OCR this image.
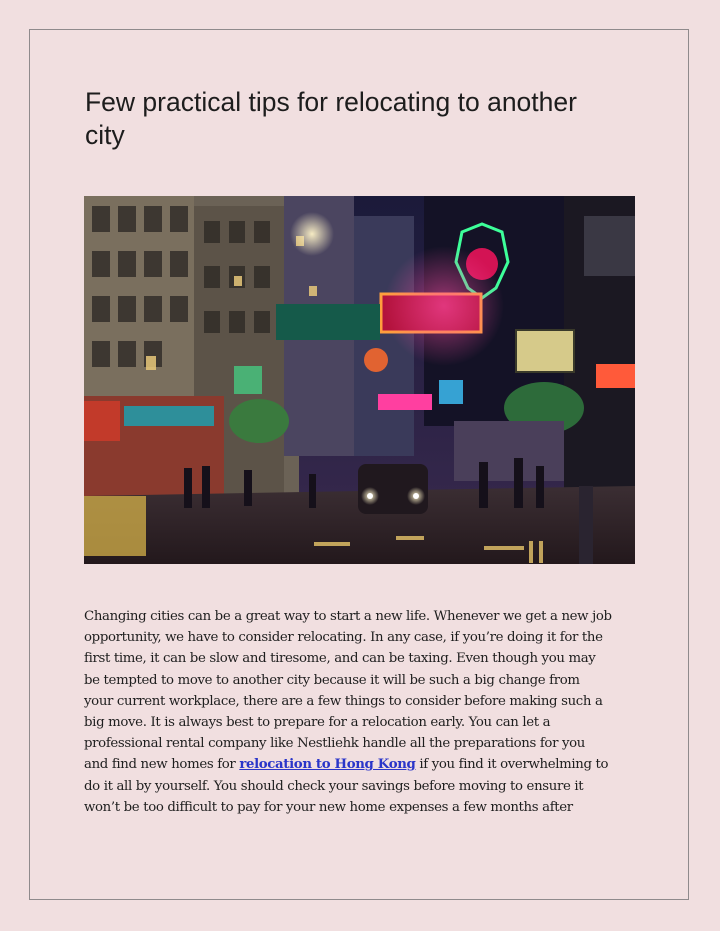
Few practical tips for relocating to another city
Changing cities can be a great way to start a new life. Whenever we get a new job
opportunity, we have to consider relocating. In any case, if you’re doing it for the
first time, it can be slow and tiresome, and can be taxing. Even though you may
be tempted to move to another city because it will be such a big change from
your current workplace, there are a few things to consider before making such a
big move. It is always best to prepare for a relocation early. You can let a
professional rental company like Nestliehk handle all the preparations for you
and find new homes for relocation to Hong Kong if you find it overwhelming to
do it all by yourself. You should check your savings before moving to ensure it
won’t be too difficult to pay for your new home expenses a few months after
